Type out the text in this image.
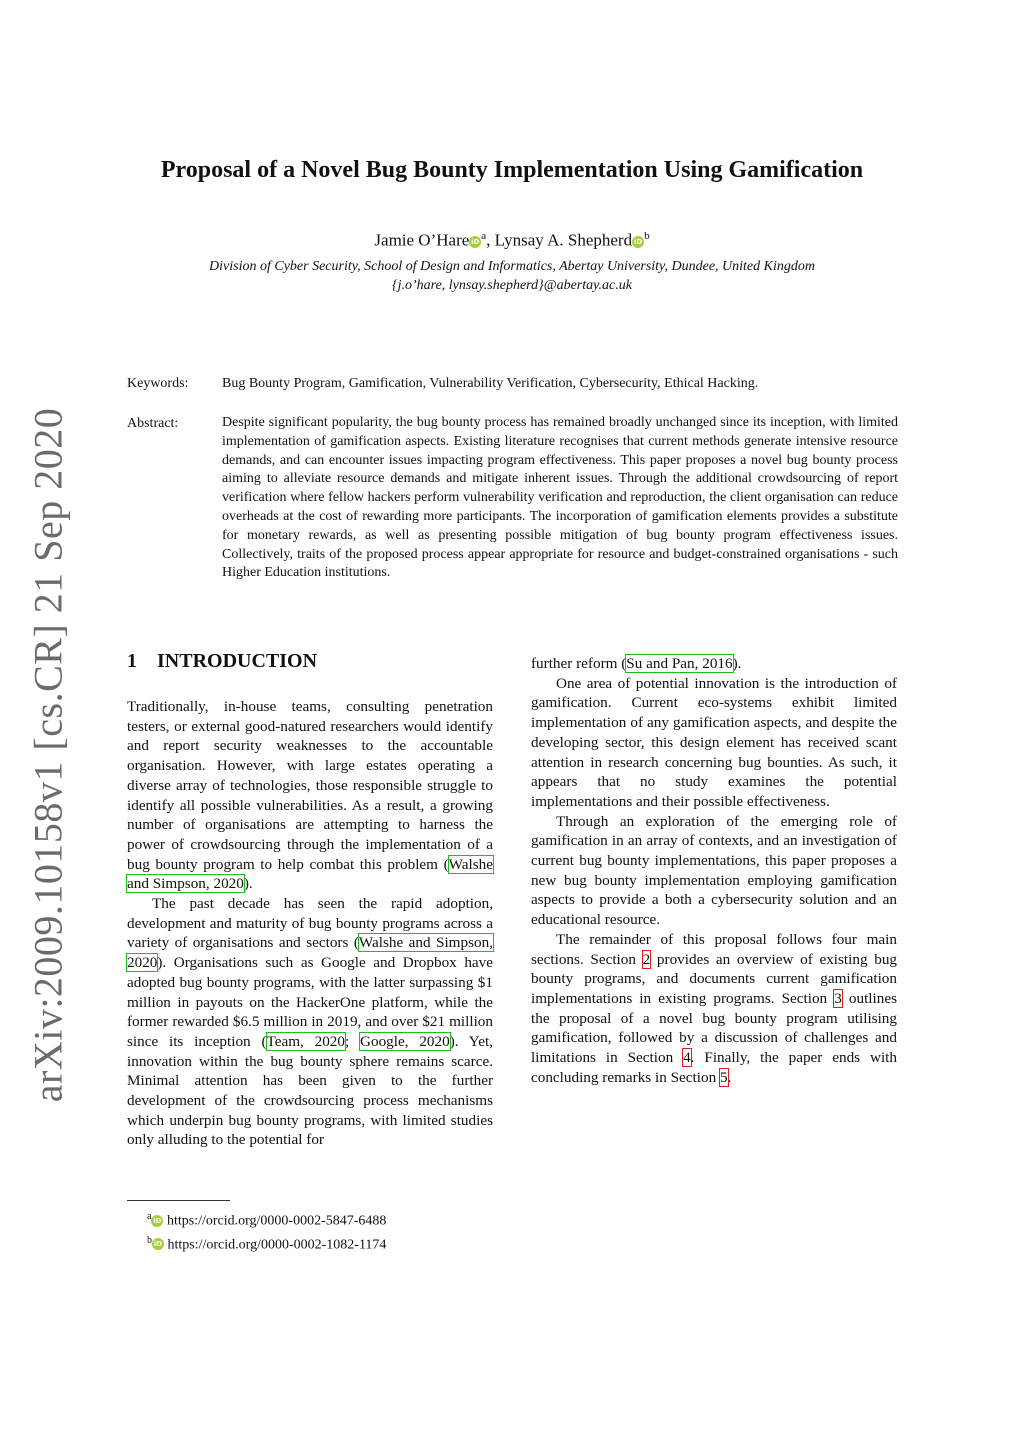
arXiv:2009.10158v1 [cs.CR] 21 Sep 2020
Proposal of a Novel Bug Bounty Implementation Using Gamification
Jamie O’Hare iD $^a$, Lynsay A. Shepherd iD $^b$
Division of Cyber Security, School of Design and Informatics, Abertay University, Dundee, United Kingdom
{j.o’hare, lynsay.shepherd}@abertay.ac.uk
Keywords: Bug Bounty Program, Gamification, Vulnerability Verification, Cybersecurity, Ethical Hacking.
Abstract:	Despite significant popularity, the bug bounty process has remained broadly unchanged since its inception, with limited implementation of gamification aspects. Existing literature recognises that current methods generate intensive resource demands, and can encounter issues impacting program effectiveness. This paper proposes a novel bug bounty process aiming to alleviate resource demands and mitigate inherent issues. Through the additional crowdsourcing of report verification where fellow hackers perform vulnerability verification and reproduction, the client organisation can reduce overheads at the cost of rewarding more participants. The incorporation of gamification elements provides a substitute for monetary rewards, as well as presenting possible mitigation of bug bounty program effectiveness issues. Collectively, traits of the proposed process appear appropriate for resource and budget-constrained organisations - such Higher Education institutions.
1 INTRODUCTION

Traditionally, in-house teams, consulting penetration testers, or external good-natured researchers would identify and report security weaknesses to the accountable organisation. However, with large estates operating a diverse array of technologies, those responsible struggle to identify all possible vulnerabilities. As a result, a growing number of organisations are attempting to harness the power of crowdsourcing through the implementation of a bug bounty program to help combat this problem (Walshe and Simpson, 2020).

The past decade has seen the rapid adoption, development and maturity of bug bounty programs across a variety of organisations and sectors (Walshe and Simpson, 2020). Organisations such as Google and Dropbox have adopted bug bounty programs, with the latter surpassing $1 million in payouts on the HackerOne platform, while the former rewarded $6.5 million in 2019, and over $21 million since its inception (Team, 2020; Google, 2020). Yet, innovation within the bug bounty sphere remains scarce. Minimal attention has been given to the further development of the crowdsourcing process mechanisms which underpin bug bounty programs, with limited studies only alluding to the potential for

further reform (Su and Pan, 2016).

One area of potential innovation is the introduction of gamification. Current eco-systems exhibit limited implementation of any gamification aspects, and despite the developing sector, this design element has received scant attention in research concerning bug bounties. As such, it appears that no study examines the potential implementations and their possible effectiveness.

Through an exploration of the emerging role of gamification in an array of contexts, and an investigation of current bug bounty implementations, this paper proposes a new bug bounty implementation employing gamification aspects to provide a both a cybersecurity solution and an educational resource.

The remainder of this proposal follows four main sections. Section 2 provides an overview of existing bug bounty programs, and documents current gamification implementations in existing programs. Section 3 outlines the proposal of a novel bug bounty program utilising gamification, followed by a discussion of challenges and limitations in Section 4. Finally, the paper ends with concluding remarks in Section 5.

$^a$ iD https://orcid.org/0000-0002-5847-6488
$^b$ iD https://orcid.org/0000-0002-1082-1174
